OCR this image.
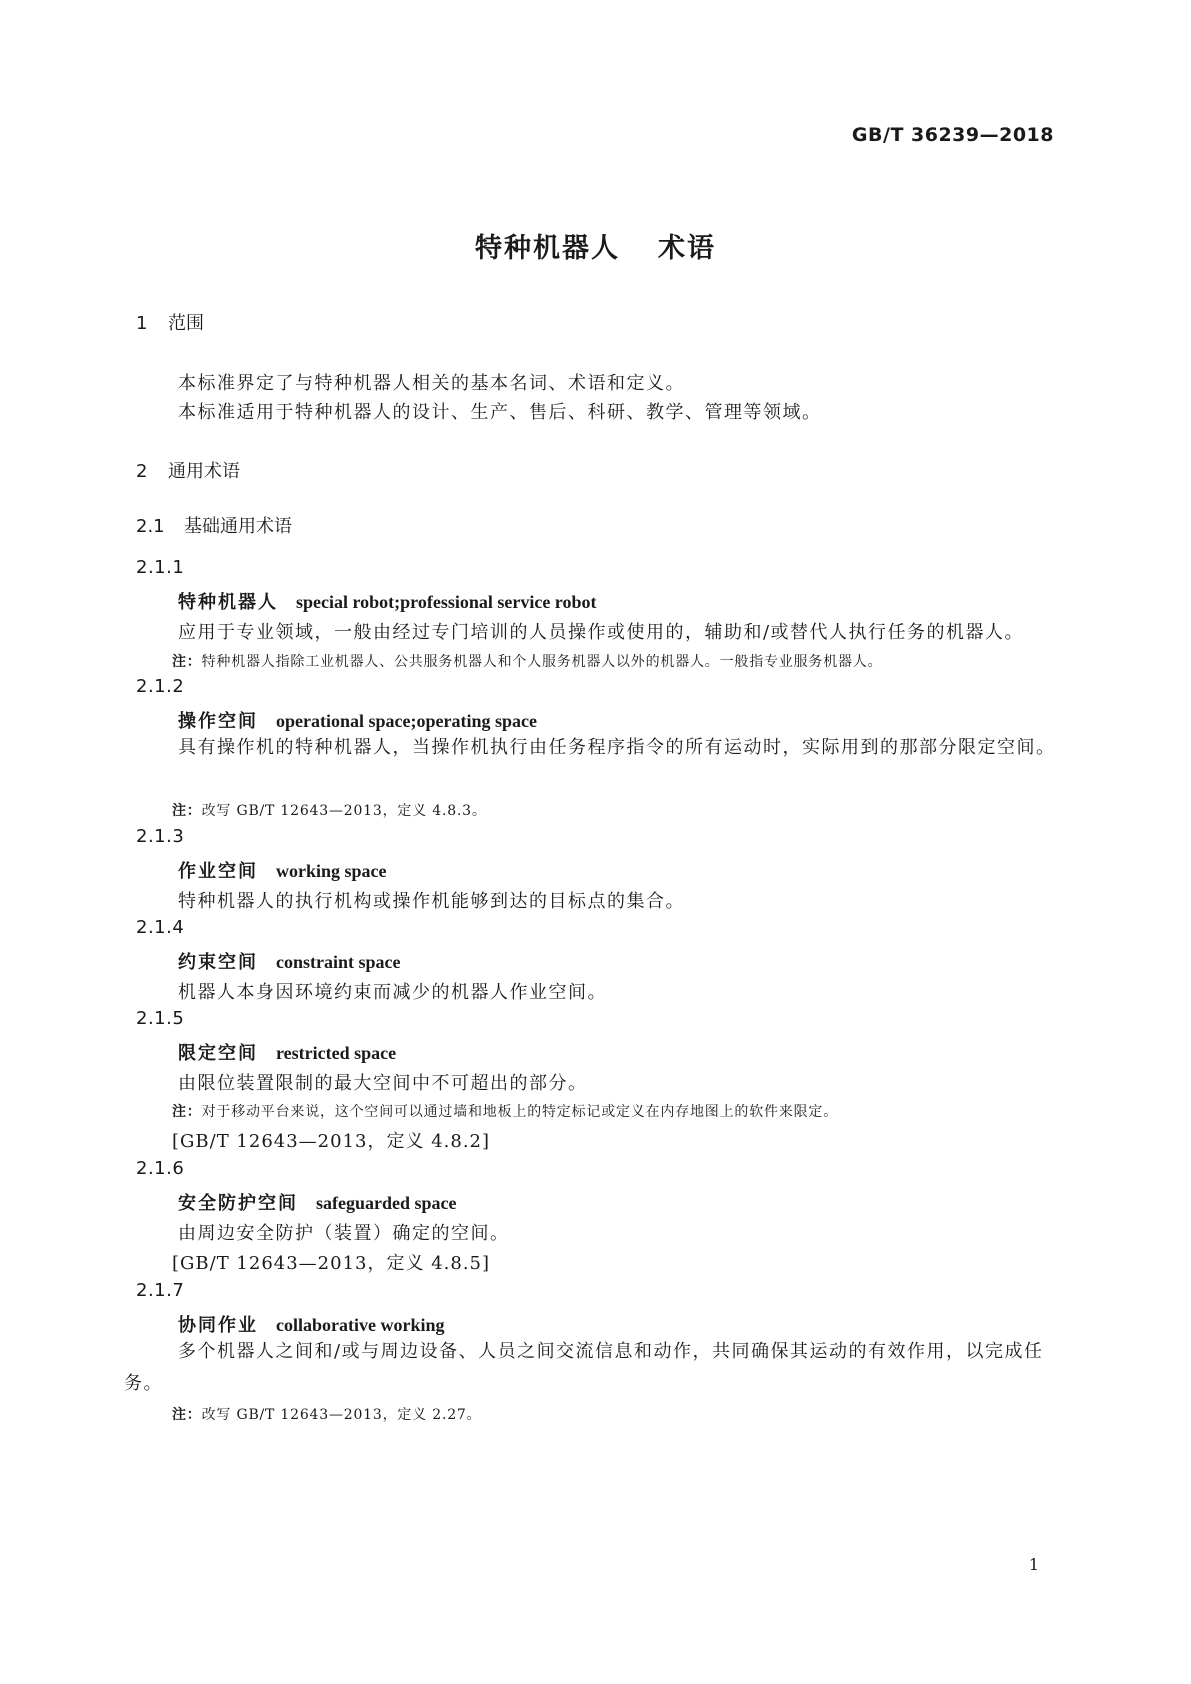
GB/T 36239—2018
特种机器人 术语
1 范围
本标准界定了与特种机器人相关的基本名词、术语和定义。
本标准适用于特种机器人的设计、生产、售后、科研、教学、管理等领域。
2 通用术语
2.1 基础通用术语
2.1.1
特种机器人 special robot;professional service robot
应用于专业领域，一般由经过专门培训的人员操作或使用的，辅助和/或替代人执行任务的机器人。
注：特种机器人指除工业机器人、公共服务机器人和个人服务机器人以外的机器人。一般指专业服务机器人。
2.1.2
操作空间 operational space;operating space
具有操作机的特种机器人，当操作机执行由任务程序指令的所有运动时，实际用到的那部分限定空间。
注：改写 GB/T 12643—2013，定义 4.8.3。
2.1.3
作业空间 working space
特种机器人的执行机构或操作机能够到达的目标点的集合。
2.1.4
约束空间 constraint space
机器人本身因环境约束而减少的机器人作业空间。
2.1.5
限定空间 restricted space
由限位装置限制的最大空间中不可超出的部分。
注：对于移动平台来说，这个空间可以通过墙和地板上的特定标记或定义在内存地图上的软件来限定。
[GB/T 12643—2013，定义 4.8.2]
2.1.6
安全防护空间 safeguarded space
由周边安全防护（装置）确定的空间。
[GB/T 12643—2013，定义 4.8.5]
2.1.7
协同作业 collaborative working
多个机器人之间和/或与周边设备、人员之间交流信息和动作，共同确保其运动的有效作用，以完成任务。
注：改写 GB/T 12643—2013，定义 2.27。
1
